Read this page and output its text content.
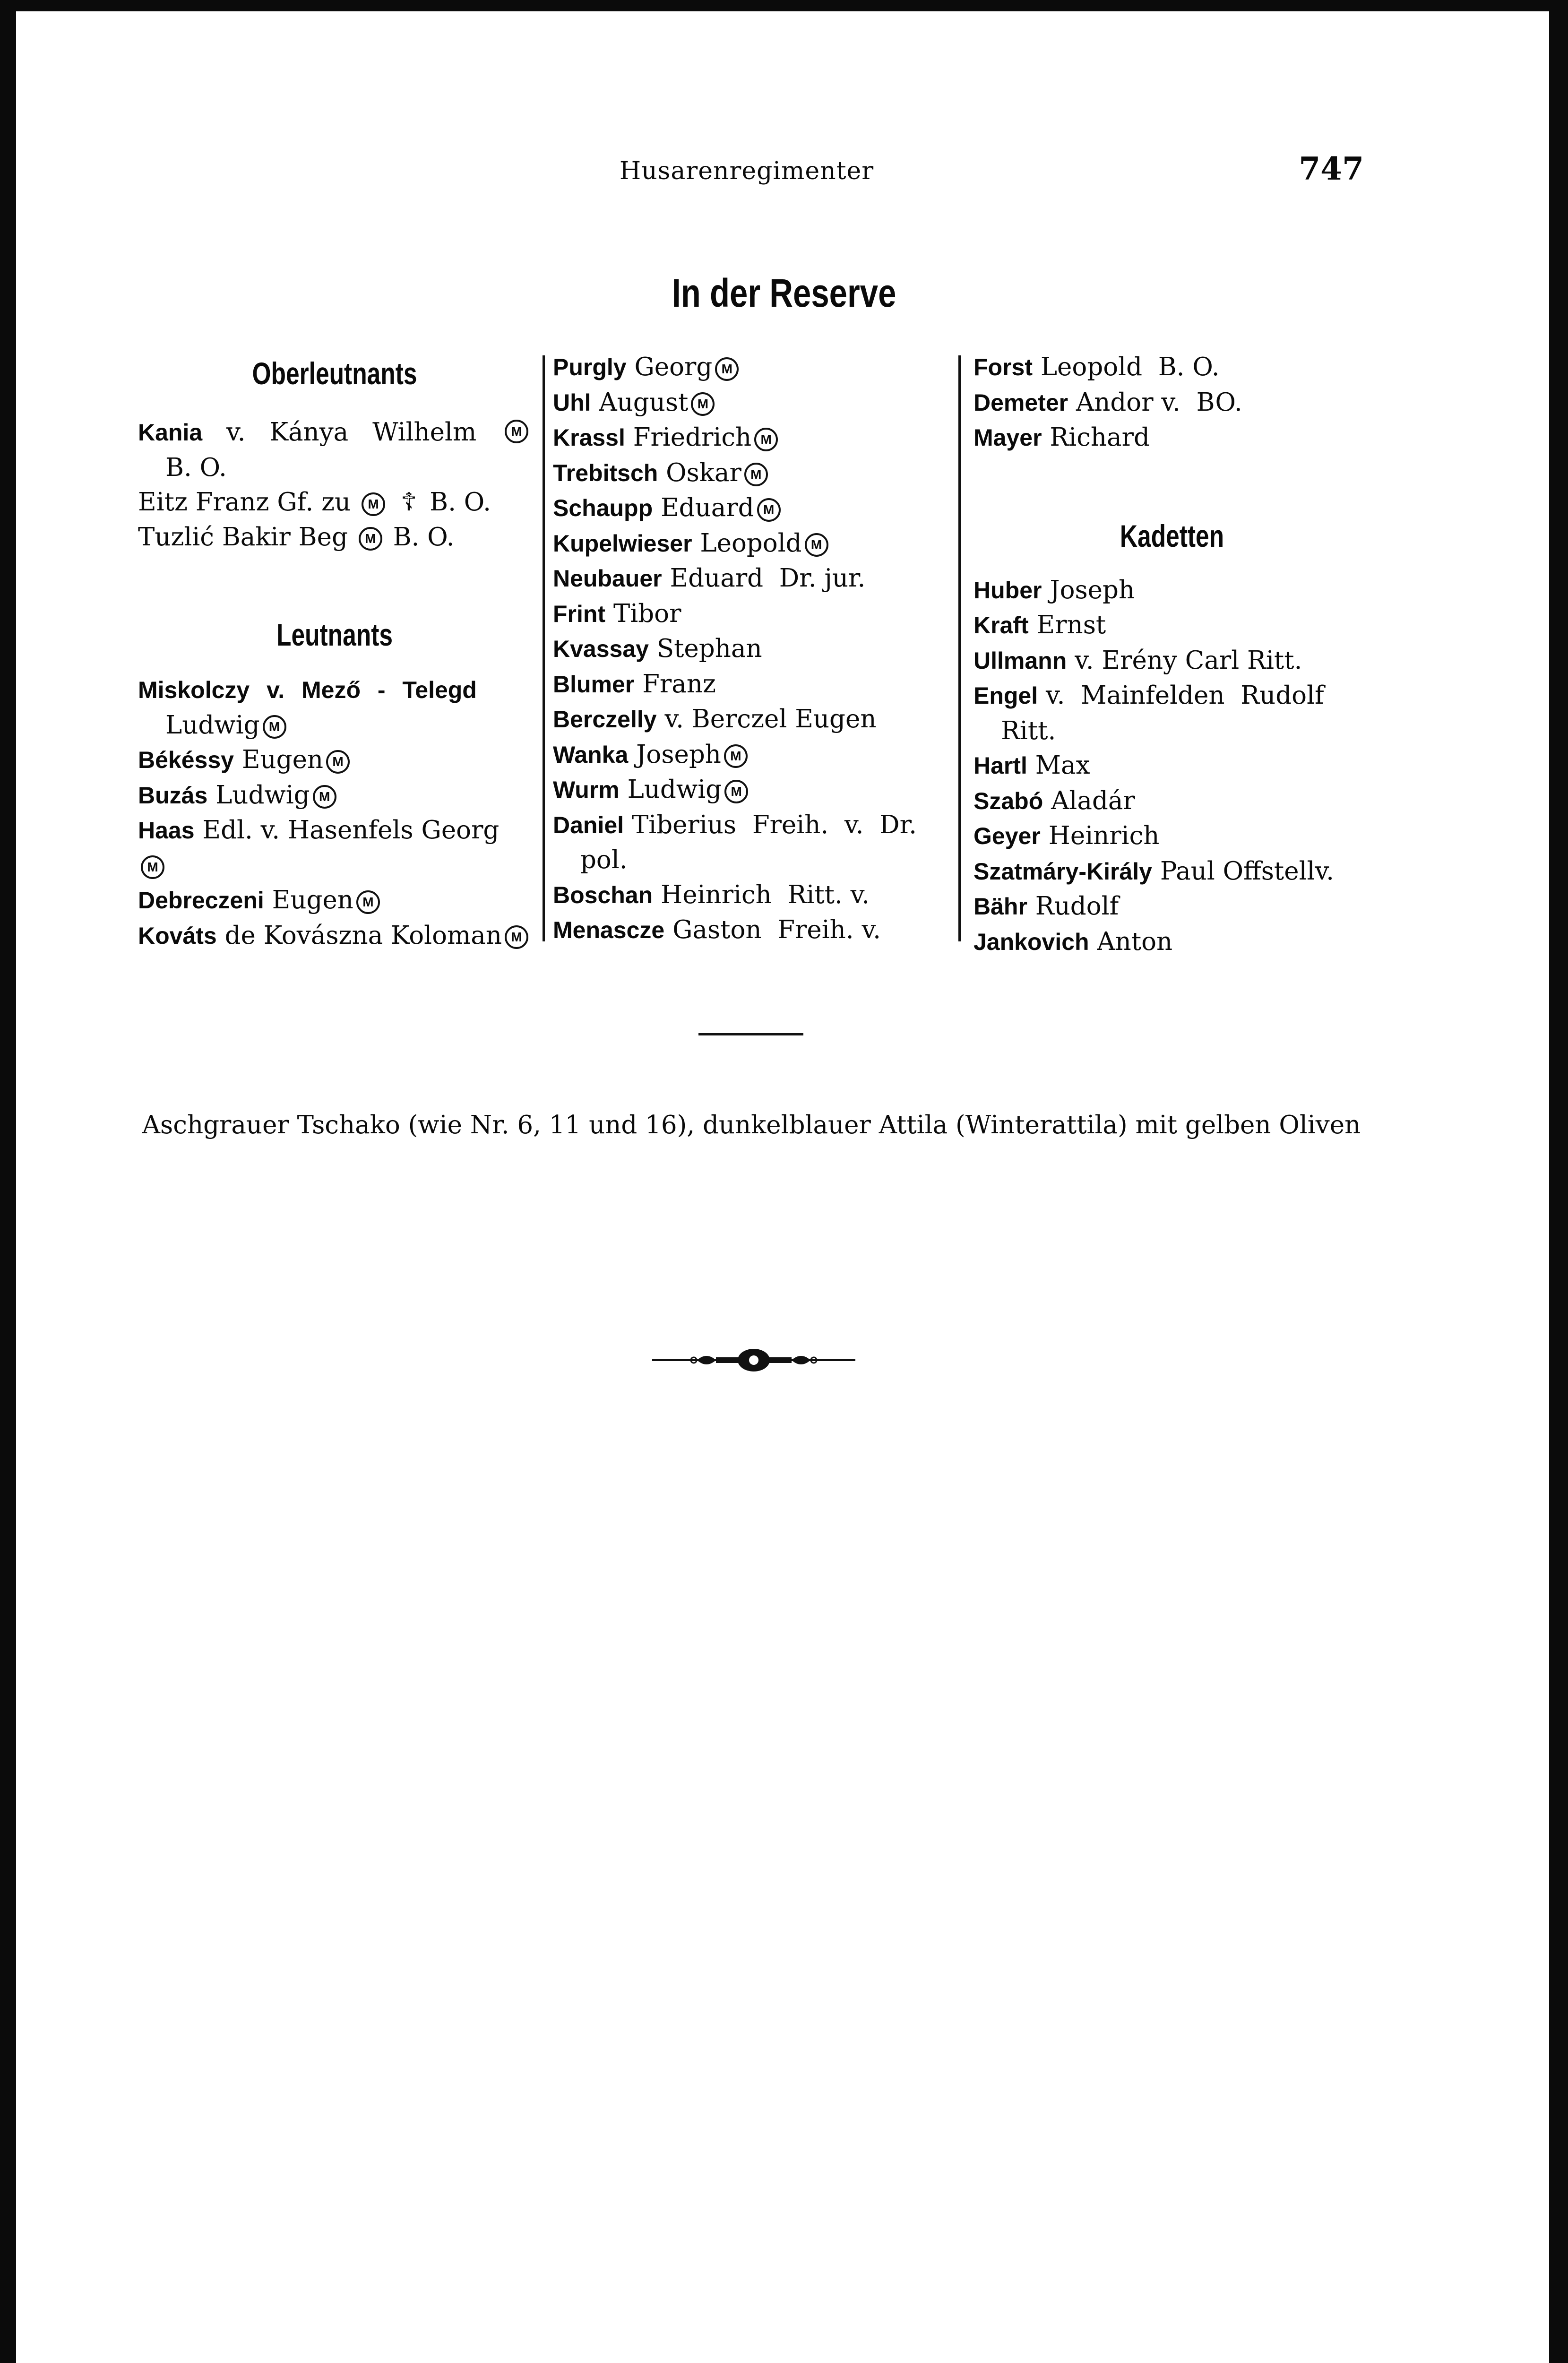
Husarenregimenter	747
In der Reserve
Oberleutnants
Kania v. Kánya Wilhelm	M
B. O.
Eitz Franz Gf. zu M ☦ B. O.
Tuzlić Bakir Beg M B. O.
Leutnants
Miskolczy v. Mező - Telegd
Ludwig M
Békéssy Eugen M
Buzás Ludwig M
Haas Edl. v. Hasenfels Georg
M
Debreczeni Eugen M
Kováts de Kovászna Koloman M
Purgly Georg M
Uhl August M
Krassl Friedrich M
Trebitsch Oskar M
Schaupp Eduard M
Kupelwieser Leopold M
Neubauer Eduard  Dr. jur.
Frint Tibor
Kvassay Stephan
Blumer Franz
Berczelly v. Berczel Eugen
Wanka Joseph M
Wurm Ludwig M
Daniel Tiberius  Freih.  v.  Dr.
pol.
Boschan Heinrich  Ritt. v.
Menascze Gaston  Freih. v.
Forst Leopold  B. O.
Demeter Andor v.  BO.
Mayer Richard
Kadetten
Huber Joseph
Kraft Ernst
Ullmann v. Erény Carl Ritt.
Engel v.  Mainfelden  Rudolf
Ritt.
Hartl Max
Szabó Aladár
Geyer Heinrich
Szatmáry-Király Paul Offstellv.
Bähr Rudolf
Jankovich Anton
Aschgrauer Tschako (wie Nr. 6, 11 und 16), dunkelblauer Attila (Winterattila) mit gelben Oliven
